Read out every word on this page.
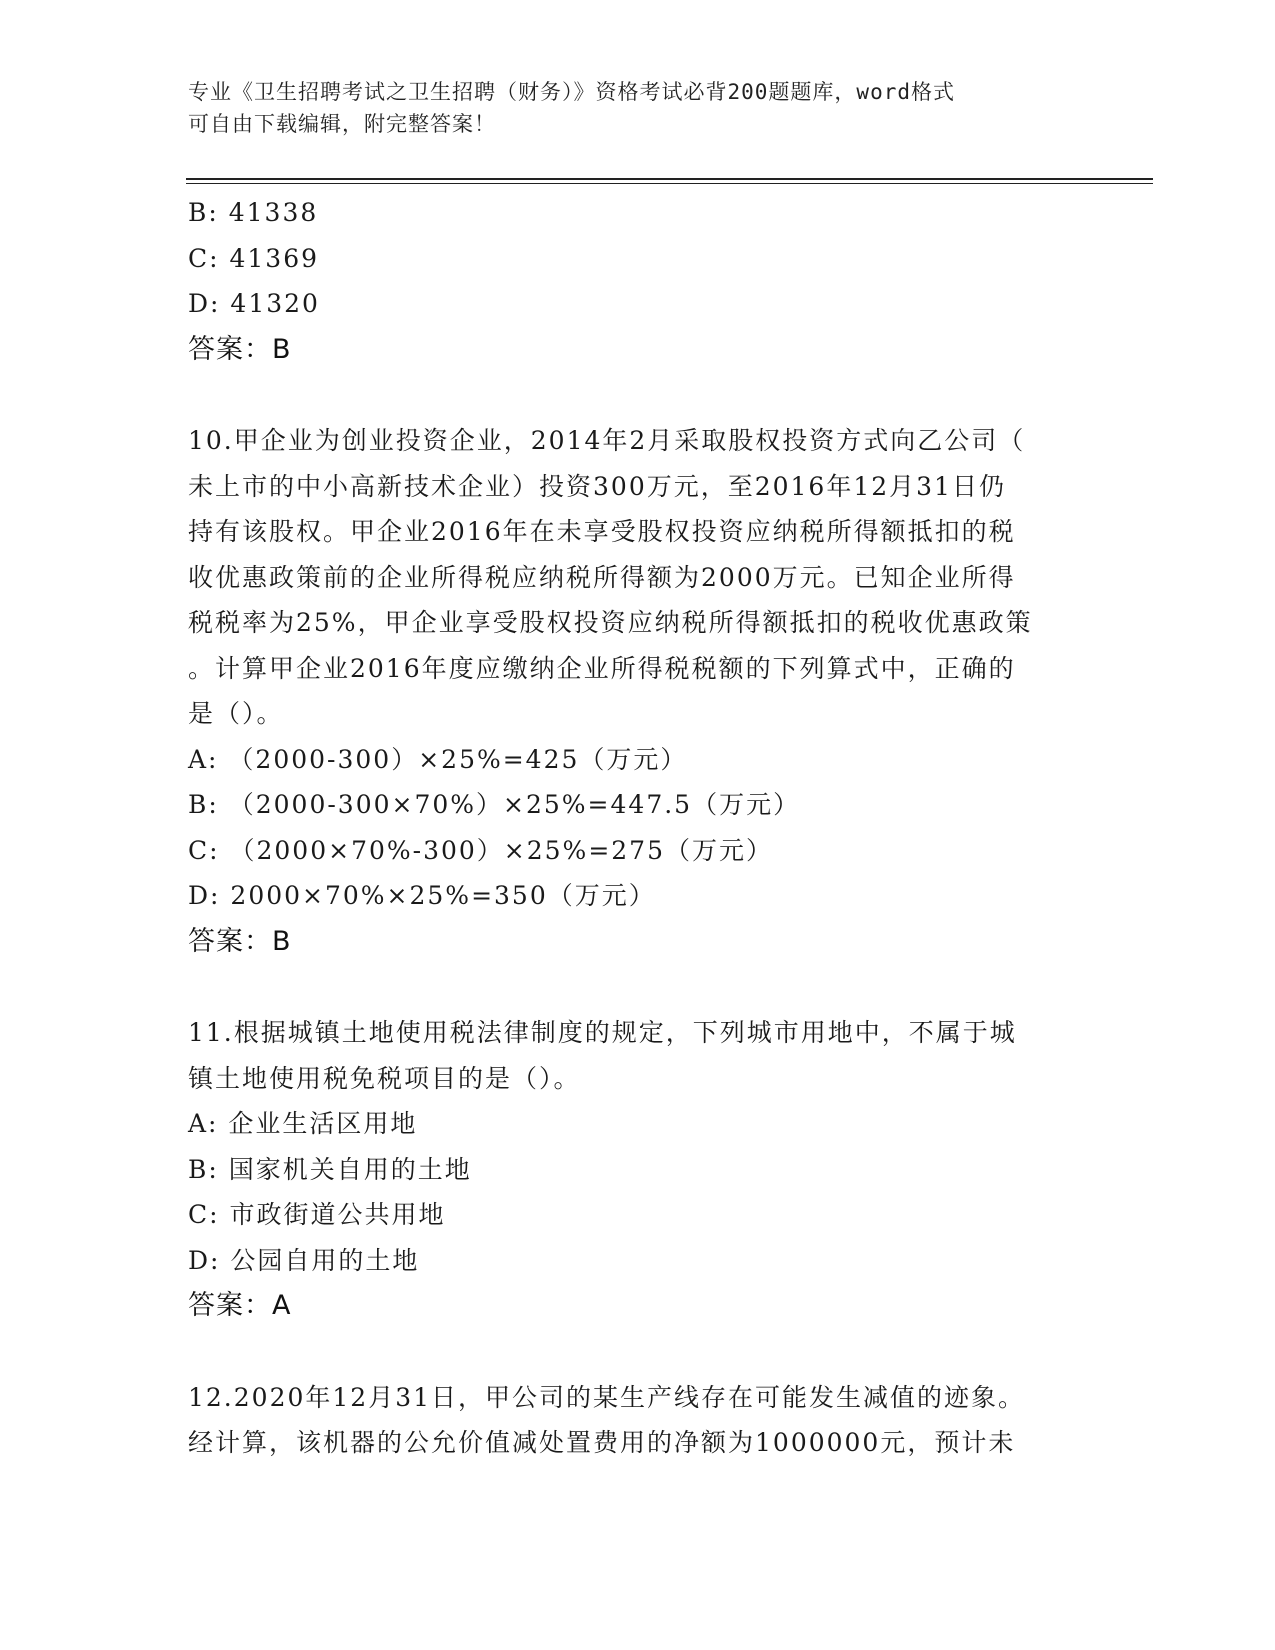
专业《卫生招聘考试之卫生招聘（财务）》资格考试必背200题题库，word格式
可自由下载编辑，附完整答案！
B: 41338
C: 41369
D: 41320
答案：B
10.甲企业为创业投资企业，2014年2月采取股权投资方式向乙公司（
未上市的中小高新技术企业）投资300万元，至2016年12月31日仍
持有该股权。甲企业2016年在未享受股权投资应纳税所得额抵扣的税
收优惠政策前的企业所得税应纳税所得额为2000万元。已知企业所得
税税率为25%，甲企业享受股权投资应纳税所得额抵扣的税收优惠政策
。计算甲企业2016年度应缴纳企业所得税税额的下列算式中，正确的
是（）。
A: （2000-300）×25%=425（万元）
B: （2000-300×70%）×25%=447.5（万元）
C: （2000×70%-300）×25%=275（万元）
D: 2000×70%×25%=350（万元）
答案：B
11.根据城镇土地使用税法律制度的规定，下列城市用地中，不属于城
镇土地使用税免税项目的是（）。
A: 企业生活区用地
B: 国家机关自用的土地
C: 市政街道公共用地
D: 公园自用的土地
答案：A
12.2020年12月31日，甲公司的某生产线存在可能发生减值的迹象。
经计算，该机器的公允价值减处置费用的净额为1000000元，预计未
